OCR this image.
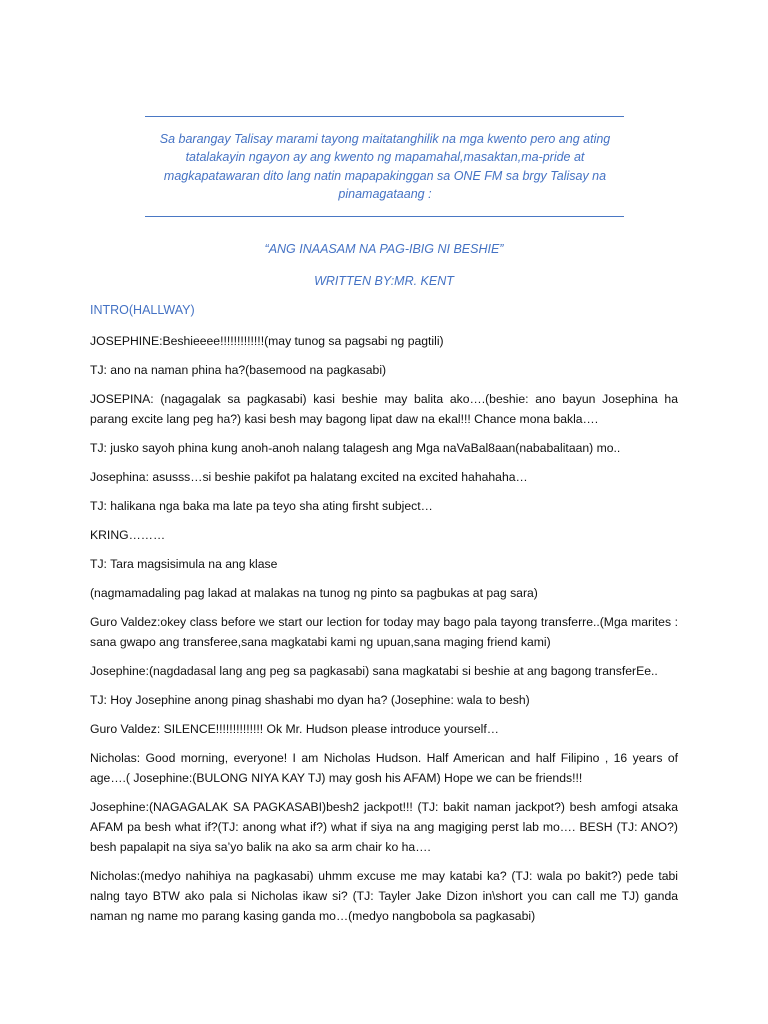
Sa barangay Talisay marami tayong maitatanghilik na mga kwento pero ang ating tatalakayin ngayon ay ang kwento ng mapamahal,masaktan,ma-pride at magkapatawaran dito lang natin mapapakinggan sa ONE FM sa brgy Talisay na pinamagataang :
“ANG INAASAM NA PAG-IBIG NI BESHIE”
WRITTEN BY:MR. KENT
INTRO(HALLWAY)

JOSEPHINE:Beshieeee!!!!!!!!!!!!!(may tunog sa pagsabi ng pagtili)

TJ: ano na naman phina ha?(basemood na pagkasabi)

JOSEPINA: (nagagalak sa pagkasabi) kasi beshie may balita ako….(beshie: ano bayun Josephina ha parang excite lang peg ha?) kasi besh may bagong lipat daw na ekal!!! Chance mona bakla….

TJ: jusko sayoh phina kung anoh-anoh nalang talagesh ang Mga naVaBal8aan(nababalitaan) mo..

Josephina: asusss…si beshie pakifot pa halatang excited na excited hahahaha…

TJ: halikana nga baka ma late pa teyo sha ating firsht subject…

KRING………

TJ: Tara magsisimula na ang klase

(nagmamadaling pag lakad at malakas na tunog ng pinto sa pagbukas at pag sara)

Guro Valdez:okey class before we start our lection for today may bago pala tayong transferre..(Mga marites : sana gwapo ang transferee,sana magkatabi kami ng upuan,sana maging friend kami)

Josephine:(nagdadasal lang ang peg sa pagkasabi) sana magkatabi si beshie at ang bagong transferEe..

TJ: Hoy Josephine anong pinag shashabi mo dyan ha? (Josephine: wala to besh)

Guro Valdez: SILENCE!!!!!!!!!!!!!! Ok Mr. Hudson please introduce yourself…

Nicholas: Good morning, everyone! I am Nicholas Hudson. Half American and half Filipino , 16 years of age….( Josephine:(BULONG NIYA KAY TJ) may gosh his AFAM) Hope we can be friends!!!

Josephine:(NAGAGALAK SA PAGKASABI)besh2 jackpot!!! (TJ: bakit naman jackpot?) besh amfogi atsaka AFAM pa besh what if?(TJ: anong what if?) what if siya na ang magiging perst lab mo…. BESH (TJ: ANO?) besh papalapit na siya sa’yo balik na ako sa arm chair ko ha….

Nicholas:(medyo nahihiya na pagkasabi) uhmm excuse me may katabi ka? (TJ: wala po bakit?) pede tabi nalng tayo BTW ako pala si Nicholas ikaw si? (TJ: Tayler Jake Dizon in\short you can call me TJ) ganda naman ng name mo parang kasing ganda mo…(medyo nangbobola sa pagkasabi)
